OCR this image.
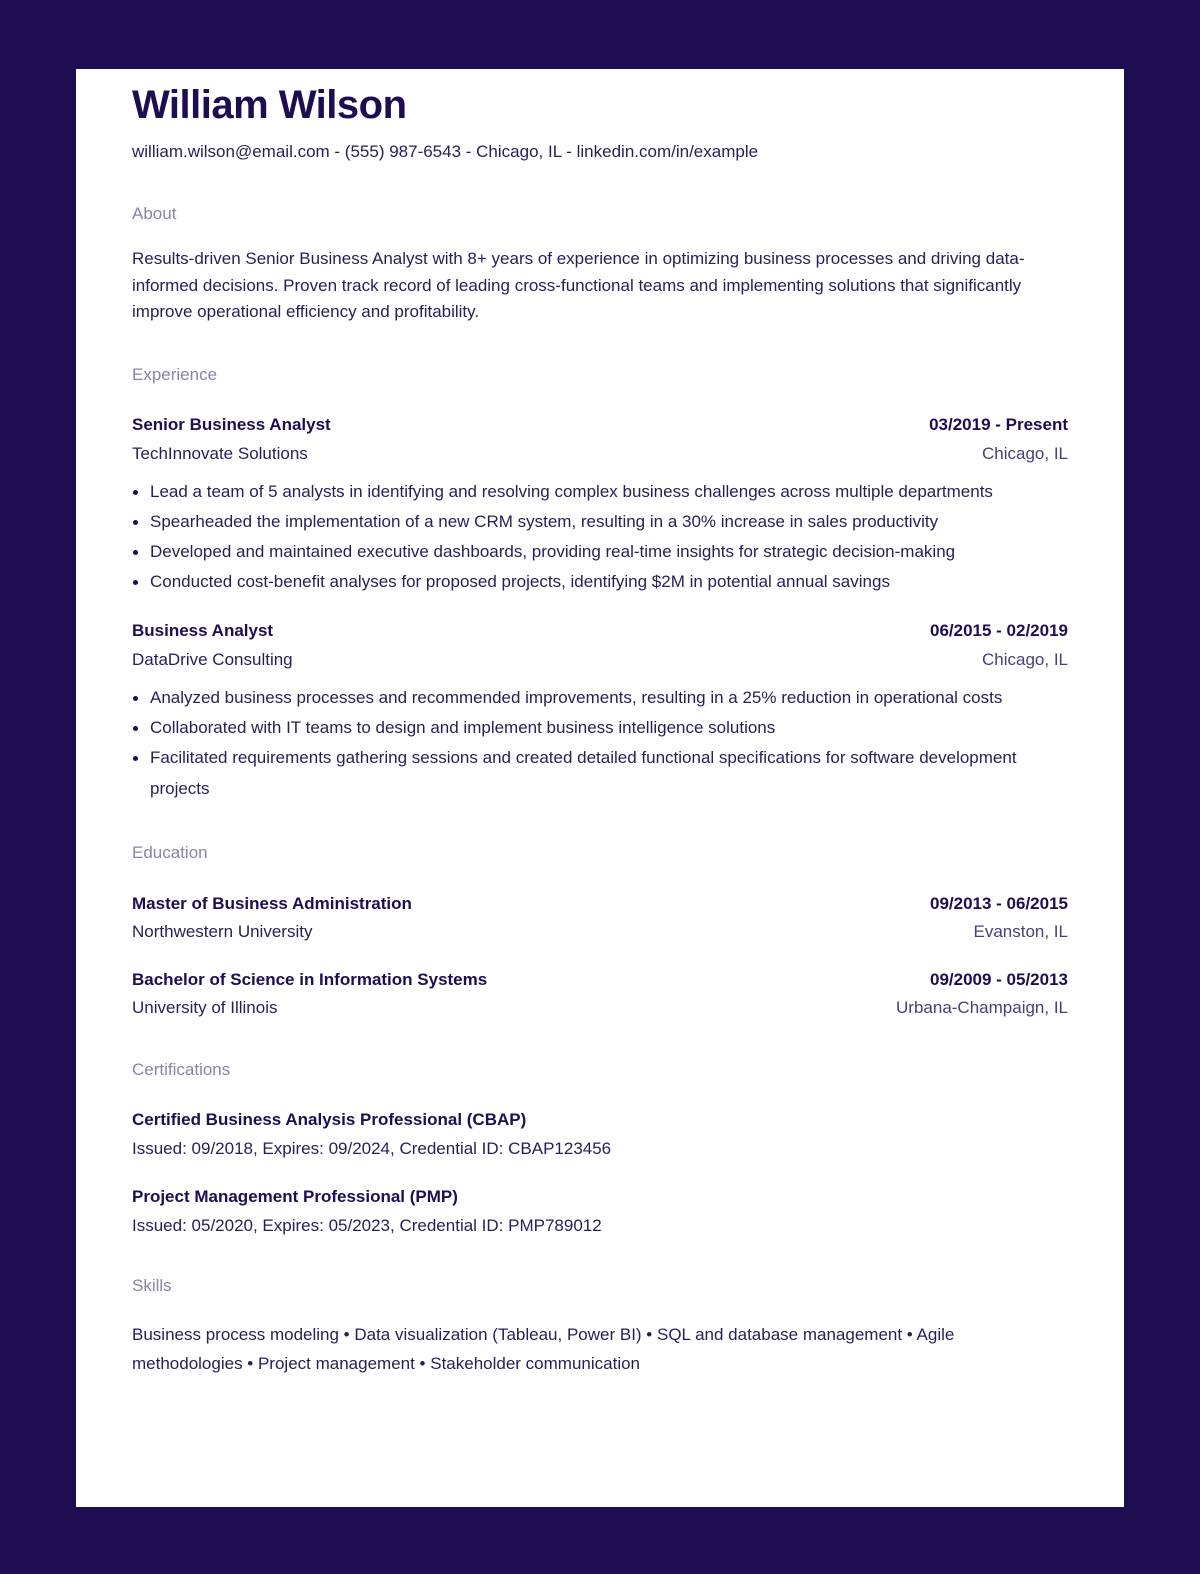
William Wilson
william.wilson@email.com - (555) 987-6543 - Chicago, IL - linkedin.com/in/example
About
Results-driven Senior Business Analyst with 8+ years of experience in optimizing business processes and driving data-informed decisions. Proven track record of leading cross-functional teams and implementing solutions that significantly improve operational efficiency and profitability.
Experience
Senior Business Analyst	03/2019 - Present
TechInnovate Solutions	Chicago, IL
Lead a team of 5 analysts in identifying and resolving complex business challenges across multiple departments
Spearheaded the implementation of a new CRM system, resulting in a 30% increase in sales productivity
Developed and maintained executive dashboards, providing real-time insights for strategic decision-making
Conducted cost-benefit analyses for proposed projects, identifying $2M in potential annual savings
Business Analyst	06/2015 - 02/2019
DataDrive Consulting	Chicago, IL
Analyzed business processes and recommended improvements, resulting in a 25% reduction in operational costs
Collaborated with IT teams to design and implement business intelligence solutions
Facilitated requirements gathering sessions and created detailed functional specifications for software development projects
Education
Master of Business Administration	09/2013 - 06/2015
Northwestern University	Evanston, IL
Bachelor of Science in Information Systems	09/2009 - 05/2013
University of Illinois	Urbana-Champaign, IL
Certifications
Certified Business Analysis Professional (CBAP)
Issued: 09/2018, Expires: 09/2024, Credential ID: CBAP123456
Project Management Professional (PMP)
Issued: 05/2020, Expires: 05/2023, Credential ID: PMP789012
Skills
Business process modeling • Data visualization (Tableau, Power BI) • SQL and database management • Agile methodologies • Project management • Stakeholder communication
